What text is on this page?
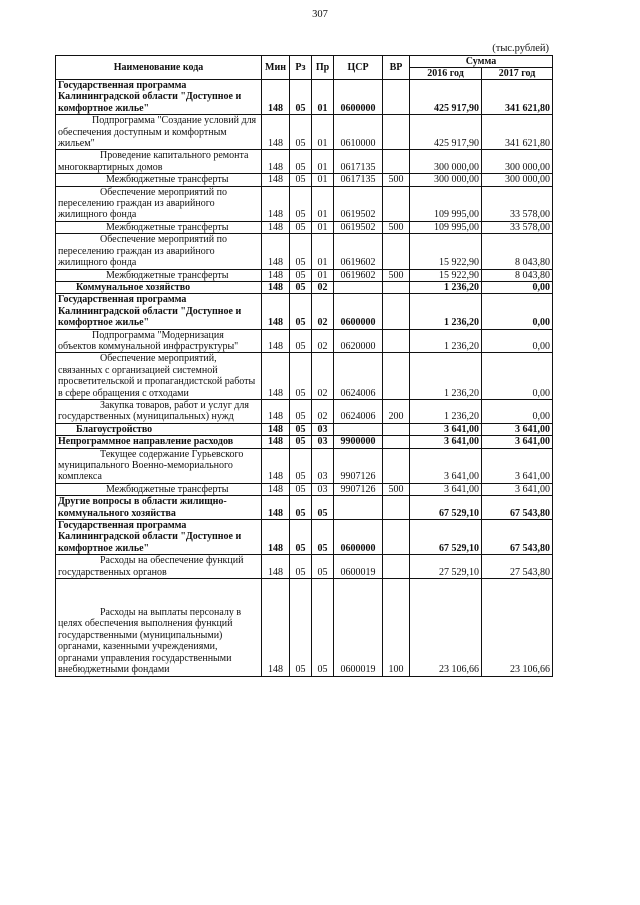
307
(тыс.рублей)
Наименование кода	Мин	Рз	Пр	ЦСР	ВР	Сумма	
						2016 год	2017 год
Государственная программа Калининградской области "Доступное и комфортное жилье"	148	05	01	0600000		425 917,90	341 621,80
Подпрограмма "Создание условий для обеспечения доступным и комфортным жильем"	148	05	01	0610000		425 917,90	341 621,80
Проведение капитального ремонта многоквартирных домов	148	05	01	0617135		300 000,00	300 000,00
Межбюджетные трансферты	148	05	01	0617135	500	300 000,00	300 000,00
Обеспечение мероприятий по переселению граждан из аварийного жилищного фонда	148	05	01	0619502		109 995,00	33 578,00
Межбюджетные трансферты	148	05	01	0619502	500	109 995,00	33 578,00
Обеспечение мероприятий по переселению граждан из аварийного жилищного фонда	148	05	01	0619602		15 922,90	8 043,80
Межбюджетные трансферты	148	05	01	0619602	500	15 922,90	8 043,80
Коммунальное хозяйство	148	05	02			1 236,20	0,00
Государственная программа Калининградской области "Доступное и комфортное жилье"	148	05	02	0600000		1 236,20	0,00
Подпрограмма "Модернизация объектов коммунальной инфраструктуры"	148	05	02	0620000		1 236,20	0,00
Обеспечение мероприятий, связанных с организацией системной просветительской и пропагандистской работы в сфере обращения с отходами	148	05	02	0624006		1 236,20	0,00
Закупка товаров, работ и услуг для государственных (муниципальных) нужд	148	05	02	0624006	200	1 236,20	0,00
Благоустройство	148	05	03			3 641,00	3 641,00
Непрограммное направление расходов	148	05	03	9900000		3 641,00	3 641,00
Текущее содержание Гурьевского муниципального Военно-мемориального комплекса	148	05	03	9907126		3 641,00	3 641,00
Межбюджетные трансферты	148	05	03	9907126	500	3 641,00	3 641,00
Другие вопросы в области жилищно-коммунального хозяйства	148	05	05			67 529,10	67 543,80
Государственная программа Калининградской области "Доступное и комфортное жилье"	148	05	05	0600000		67 529,10	67 543,80
Расходы на обеспечение функций государственных органов	148	05	05	0600019		27 529,10	27 543,80
Расходы на выплаты персоналу в целях обеспечения выполнения функций государственными (муниципальными) органами, казенными учреждениями, органами управления государственными внебюджетными фондами	148	05	05	0600019	100	23 106,66	23 106,66
